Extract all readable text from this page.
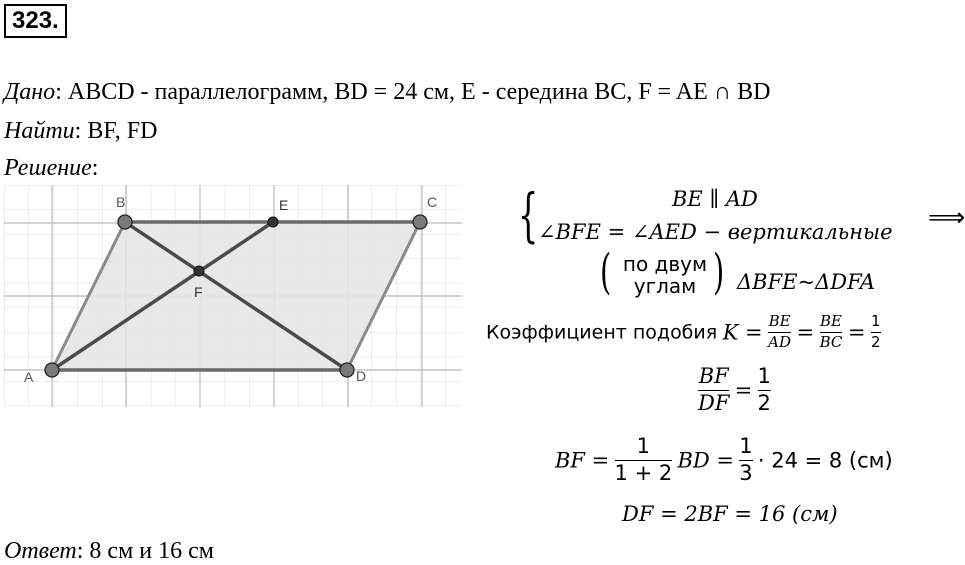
323.
Дано: ABCD - параллелограмм, BD = 24 см, E - середина BC, F = AE ∩ BD
Найти: BF, FD
Решение:
A
B	C
D
E
F
{	BE ∥ AD
∠BFE = ∠AED − вертикальные ⟹
( по двум
углам ) ΔBFE~ΔDFA
Коэффициент подобия $K = \frac{BE}{AD} = \frac{BE}{BC} = \frac{1}{2}$
$\frac{BF}{DF} = \frac{1}{2}$
BF = $\frac{1}{1 + 2}$ BD = $\frac{1}{3} \cdot 24 = 8$ (см)
DF = 2BF = 16 (см)
Ответ: 8 см и 16 см
